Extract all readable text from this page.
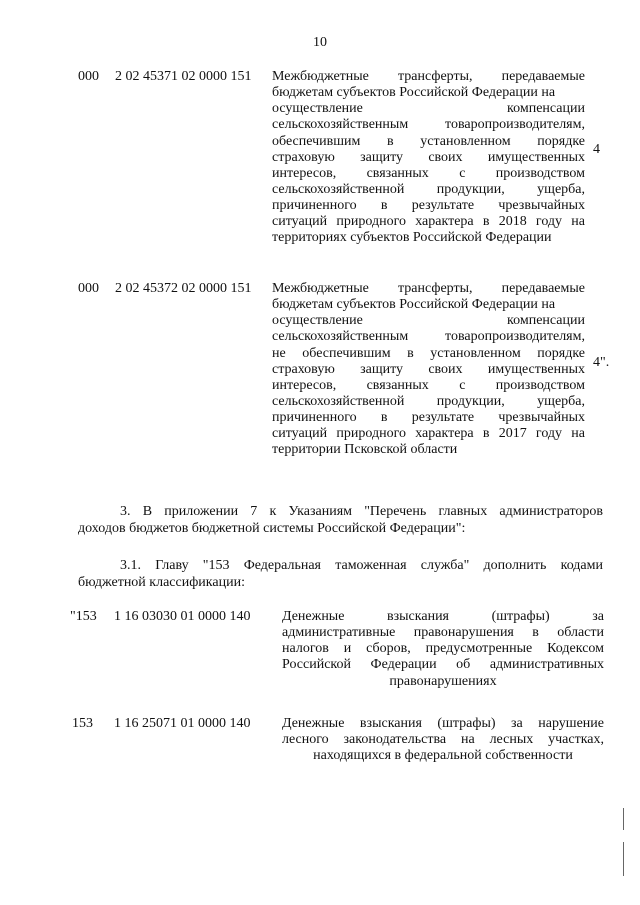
10
000 2 02 45371 02 0000 151 Межбюджетные трансферты, передаваемые
бюджетам субъектов Российской Федерации на
осуществление компенсации
сельскохозяйственным товаропроизводителям,
обеспечившим в установленном порядке
страховую защиту своих имущественных
интересов, связанных с производством
сельскохозяйственной продукции, ущерба,
причиненного в результате чрезвычайных
ситуаций природного характера в 2018 году на
территориях субъектов Российской Федерации
4
000 2 02 45372 02 0000 151 Межбюджетные трансферты, передаваемые
бюджетам субъектов Российской Федерации на
осуществление компенсации
сельскохозяйственным товаропроизводителям,
не обеспечившим в установленном порядке
страховую защиту своих имущественных
интересов, связанных с производством
сельскохозяйственной продукции, ущерба,
причиненного в результате чрезвычайных
ситуаций природного характера в 2017 году на
территории Псковской области
4".
3. В приложении 7 к Указаниям "Перечень главных администраторов
доходов бюджетов бюджетной системы Российской Федерации":
3.1. Главу "153 Федеральная таможенная служба" дополнить кодами
бюджетной классификации:
"153 1 16 03030 01 0000 140 Денежные взыскания (штрафы) за
административные правонарушения в области
налогов и сборов, предусмотренные Кодексом
Российской Федерации об административных
правонарушениях
153 1 16 25071 01 0000 140 Денежные взыскания (штрафы) за нарушение
лесного законодательства на лесных участках,
находящихся в федеральной собственности
